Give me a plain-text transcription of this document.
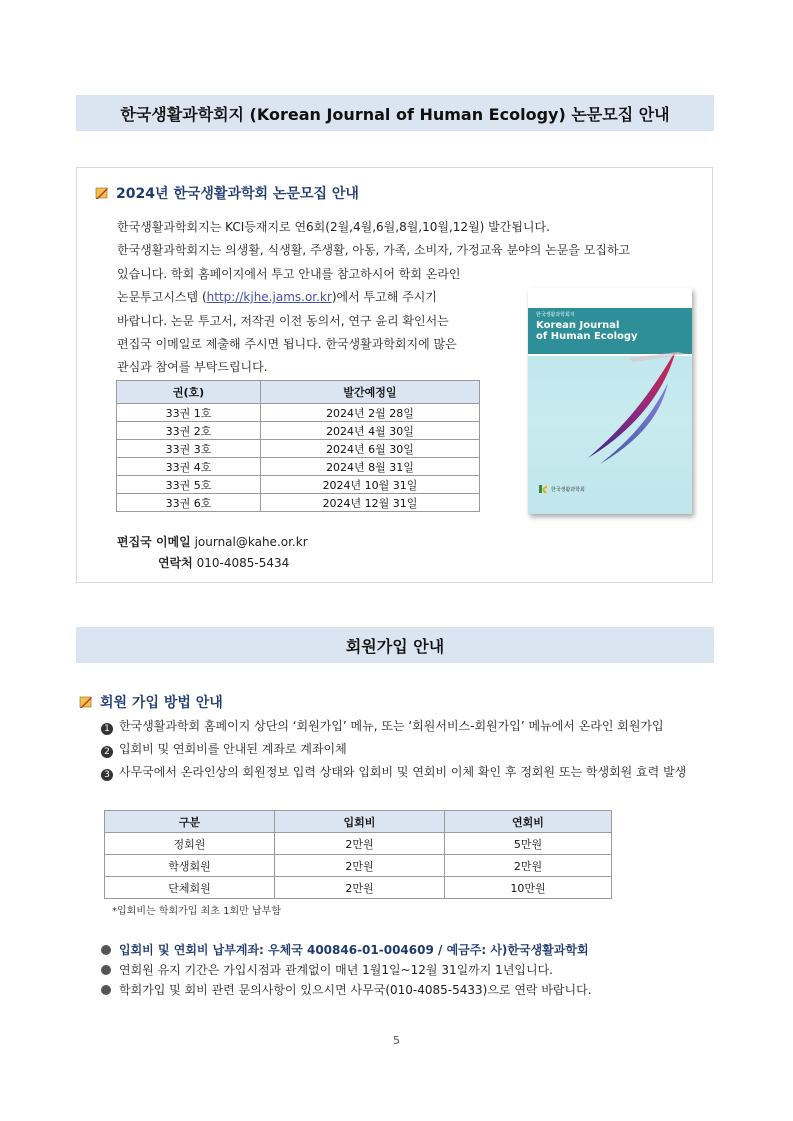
한국생활과학회지 (Korean Journal of Human Ecology) 논문모집 안내
2024년 한국생활과학회 논문모집 안내
한국생활과학회지는 KCI등재지로 연6회(2월,4월,6월,8월,10월,12월) 발간됩니다.
한국생활과학회지는 의생활, 식생활, 주생활, 아동, 가족, 소비자, 가정교육 분야의 논문을 모집하고
있습니다. 학회 홈페이지에서 투고 안내를 참고하시어 학회 온라인
논문투고시스템 (http://kjhe.jams.or.kr)에서 투고해 주시기
바랍니다. 논문 투고서, 저작권 이전 동의서, 연구 윤리 확인서는
편집국 이메일로 제출해 주시면 됩니다. 한국생활과학회지에 많은
관심과 참여를 부탁드립니다.
권(호)	발간예정일
33권 1호	2024년 2월 28일
33권 2호	2024년 4월 30일
33권 3호	2024년 6월 30일
33권 4호	2024년 8월 31일
33권 5호	2024년 10월 31일
33권 6호	2024년 12월 31일
편집국 이메일 journal@kahe.or.kr
연락처 010-4085-5434
한국생활과학회지
Korean Journal
of Human Ecology
한국생활과학회
회원가입 안내
회원 가입 방법 안내
1 한국생활과학회 홈페이지 상단의 ‘회원가입’ 메뉴, 또는 ‘회원서비스-회원가입’ 메뉴에서 온라인 회원가입
2 입회비 및 연회비를 안내된 계좌로 계좌이체
3 사무국에서 온라인상의 회원정보 입력 상태와 입회비 및 연회비 이체 확인 후 정회원 또는 학생회원 효력 발생
구분	입회비	연회비
정회원	2만원	5만원
학생회원	2만원	2만원
단체회원	2만원	10만원
*입회비는 학회가입 최초 1회만 납부함
입회비 및 연회비 납부계좌: 우체국 400846-01-004609 / 예금주: 사)한국생활과학회
연회원 유지 기간은 가입시점과 관계없이 매년 1월1일~12월 31일까지 1년입니다.
학회가입 및 회비 관련 문의사항이 있으시면 사무국(010-4085-5433)으로 연락 바랍니다.
5
